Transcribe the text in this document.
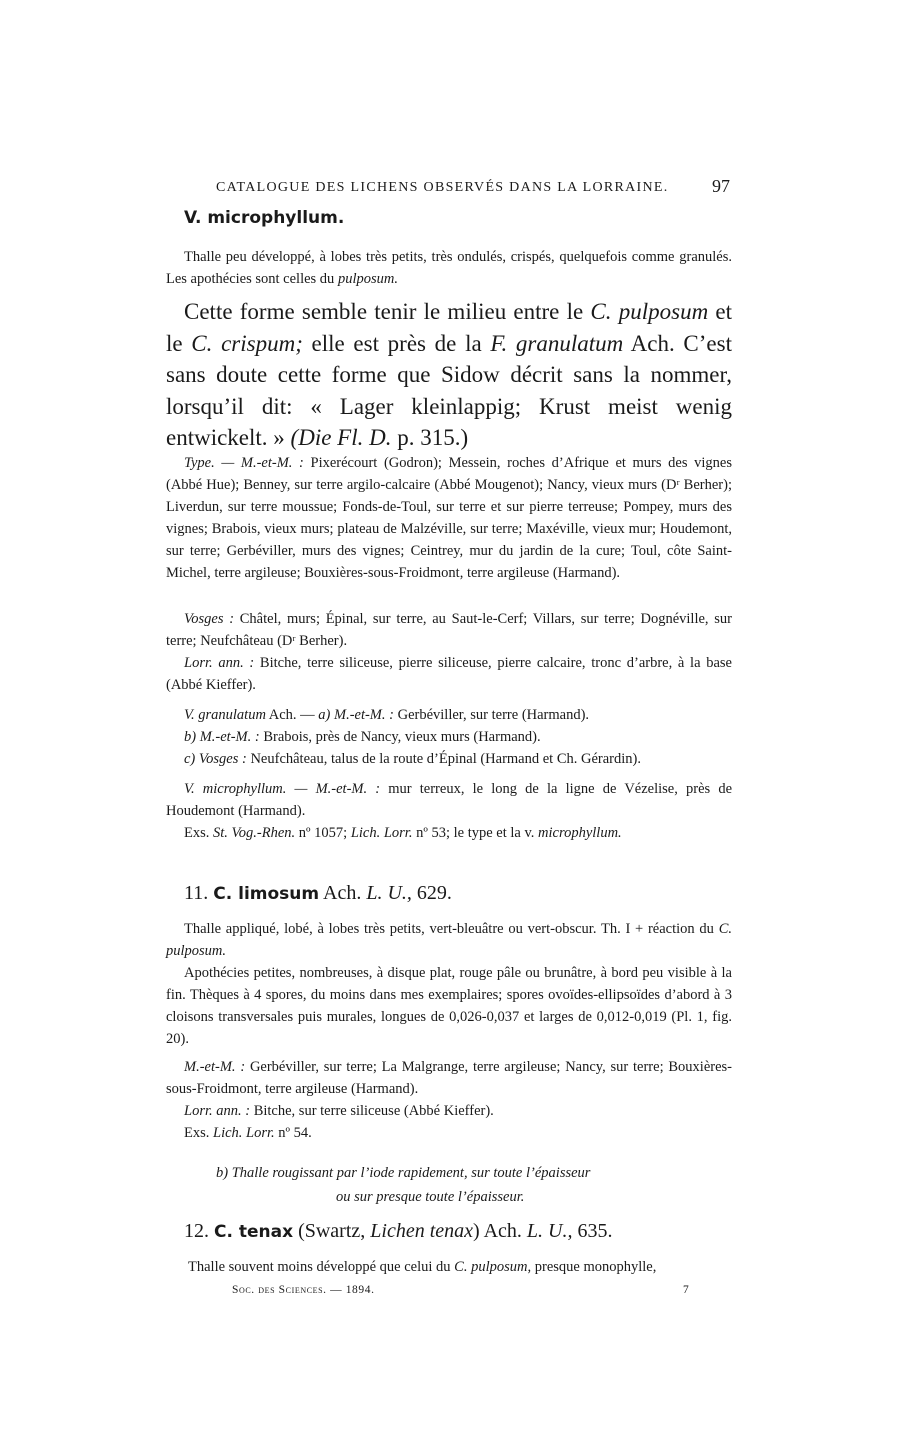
CATALOGUE DES LICHENS OBSERVÉS DANS LA LORRAINE. 97
V. microphyllum.

Thalle peu développé, à lobes très petits, très ondulés, crispés, quelquefois comme granulés. Les apothécies sont celles du pulposum.

Cette forme semble tenir le milieu entre le C. pulposum et le C. crispum; elle est près de la F. granulatum Ach. C’est sans doute cette forme que Sidow décrit sans la nommer, lorsqu’il dit: « Lager kleinlappig; Krust meist wenig entwickelt. » (Die Fl. D. p. 315.)

Type. — M.-et-M. : Pixerécourt (Godron); Messein, roches d’Afrique et murs des vignes (Abbé Hue); Benney, sur terre argilo-calcaire (Abbé Mougenot); Nancy, vieux murs (Dʳ Berher); Liverdun, sur terre moussue; Fonds-de-Toul, sur terre et sur pierre terreuse; Pompey, murs des vignes; Brabois, vieux murs; plateau de Malzéville, sur terre; Maxéville, vieux mur; Houdemont, sur terre; Gerbéviller, murs des vignes; Ceintrey, mur du jardin de la cure; Toul, côte Saint-Michel, terre argileuse; Bouxières-sous-Froidmont, terre argileuse (Harmand).

Vosges : Châtel, murs; Épinal, sur terre, au Saut-le-Cerf; Villars, sur terre; Dognéville, sur terre; Neufchâteau (Dʳ Berher).

Lorr. ann. : Bitche, terre siliceuse, pierre siliceuse, pierre calcaire, tronc d’arbre, à la base (Abbé Kieffer).

V. granulatum Ach. — a) M.-et-M. : Gerbéviller, sur terre (Harmand).

b) M.-et-M. : Brabois, près de Nancy, vieux murs (Harmand).

c) Vosges : Neufchâteau, talus de la route d’Épinal (Harmand et Ch. Gérardin).

V. microphyllum. — M.-et-M. : mur terreux, le long de la ligne de Vézelise, près de Houdemont (Harmand).

Exs. St. Vog.-Rhen. nº 1057; Lich. Lorr. nº 53; le type et la v. microphyllum.

11. C. limosum Ach. L. U., 629.

Thalle appliqué, lobé, à lobes très petits, vert-bleuâtre ou vert-obscur. Th. I + réaction du C. pulposum.

Apothécies petites, nombreuses, à disque plat, rouge pâle ou brunâtre, à bord peu visible à la fin. Thèques à 4 spores, du moins dans mes exemplaires; spores ovoïdes-ellipsoïdes d’abord à 3 cloisons transversales puis murales, longues de 0,026-0,037 et larges de 0,012-0,019 (Pl. 1, fig. 20).

M.-et-M. : Gerbéviller, sur terre; La Malgrange, terre argileuse; Nancy, sur terre; Bouxières-sous-Froidmont, terre argileuse (Harmand).

Lorr. ann. : Bitche, sur terre siliceuse (Abbé Kieffer).

Exs. Lich. Lorr. nº 54.

b) Thalle rougissant par l’iode rapidement, sur toute l’épaisseur
ou sur presque toute l’épaisseur.
12. C. tenax (Swartz, Lichen tenax) Ach. L. U., 635.

Thalle souvent moins développé que celui du C. pulposum, presque monophylle,

Soc. des Sciences. — 1894.	7
